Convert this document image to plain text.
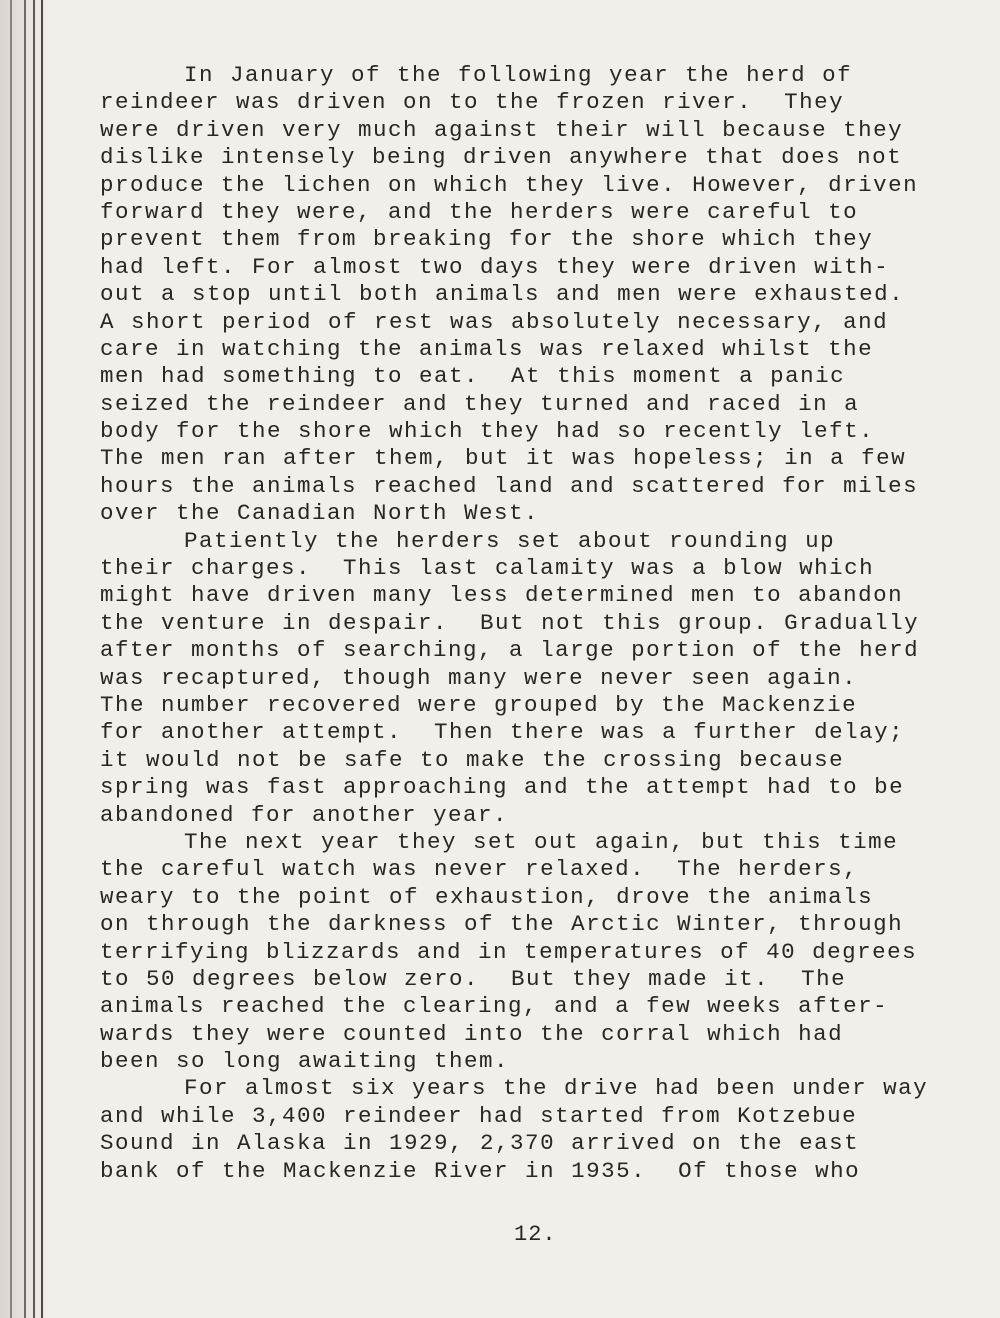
In January of the following year the herd of
reindeer was driven on to the frozen river.  They
were driven very much against their will because they
dislike intensely being driven anywhere that does not
produce the lichen on which they live. However, driven
forward they were, and the herders were careful to
prevent them from breaking for the shore which they
had left. For almost two days they were driven with-
out a stop until both animals and men were exhausted.
A short period of rest was absolutely necessary, and
care in watching the animals was relaxed whilst the
men had something to eat.  At this moment a panic
seized the reindeer and they turned and raced in a
body for the shore which they had so recently left.
The men ran after them, but it was hopeless; in a few
hours the animals reached land and scattered for miles
over the Canadian North West.
Patiently the herders set about rounding up
their charges.  This last calamity was a blow which
might have driven many less determined men to abandon
the venture in despair.  But not this group. Gradually
after months of searching, a large portion of the herd
was recaptured, though many were never seen again.
The number recovered were grouped by the Mackenzie
for another attempt.  Then there was a further delay;
it would not be safe to make the crossing because
spring was fast approaching and the attempt had to be
abandoned for another year.
The next year they set out again, but this time
the careful watch was never relaxed.  The herders,
weary to the point of exhaustion, drove the animals
on through the darkness of the Arctic Winter, through
terrifying blizzards and in temperatures of 40 degrees
to 50 degrees below zero.  But they made it.  The
animals reached the clearing, and a few weeks after-
wards they were counted into the corral which had
been so long awaiting them.
For almost six years the drive had been under way
and while 3,400 reindeer had started from Kotzebue
Sound in Alaska in 1929, 2,370 arrived on the east
bank of the Mackenzie River in 1935.  Of those who
12.
